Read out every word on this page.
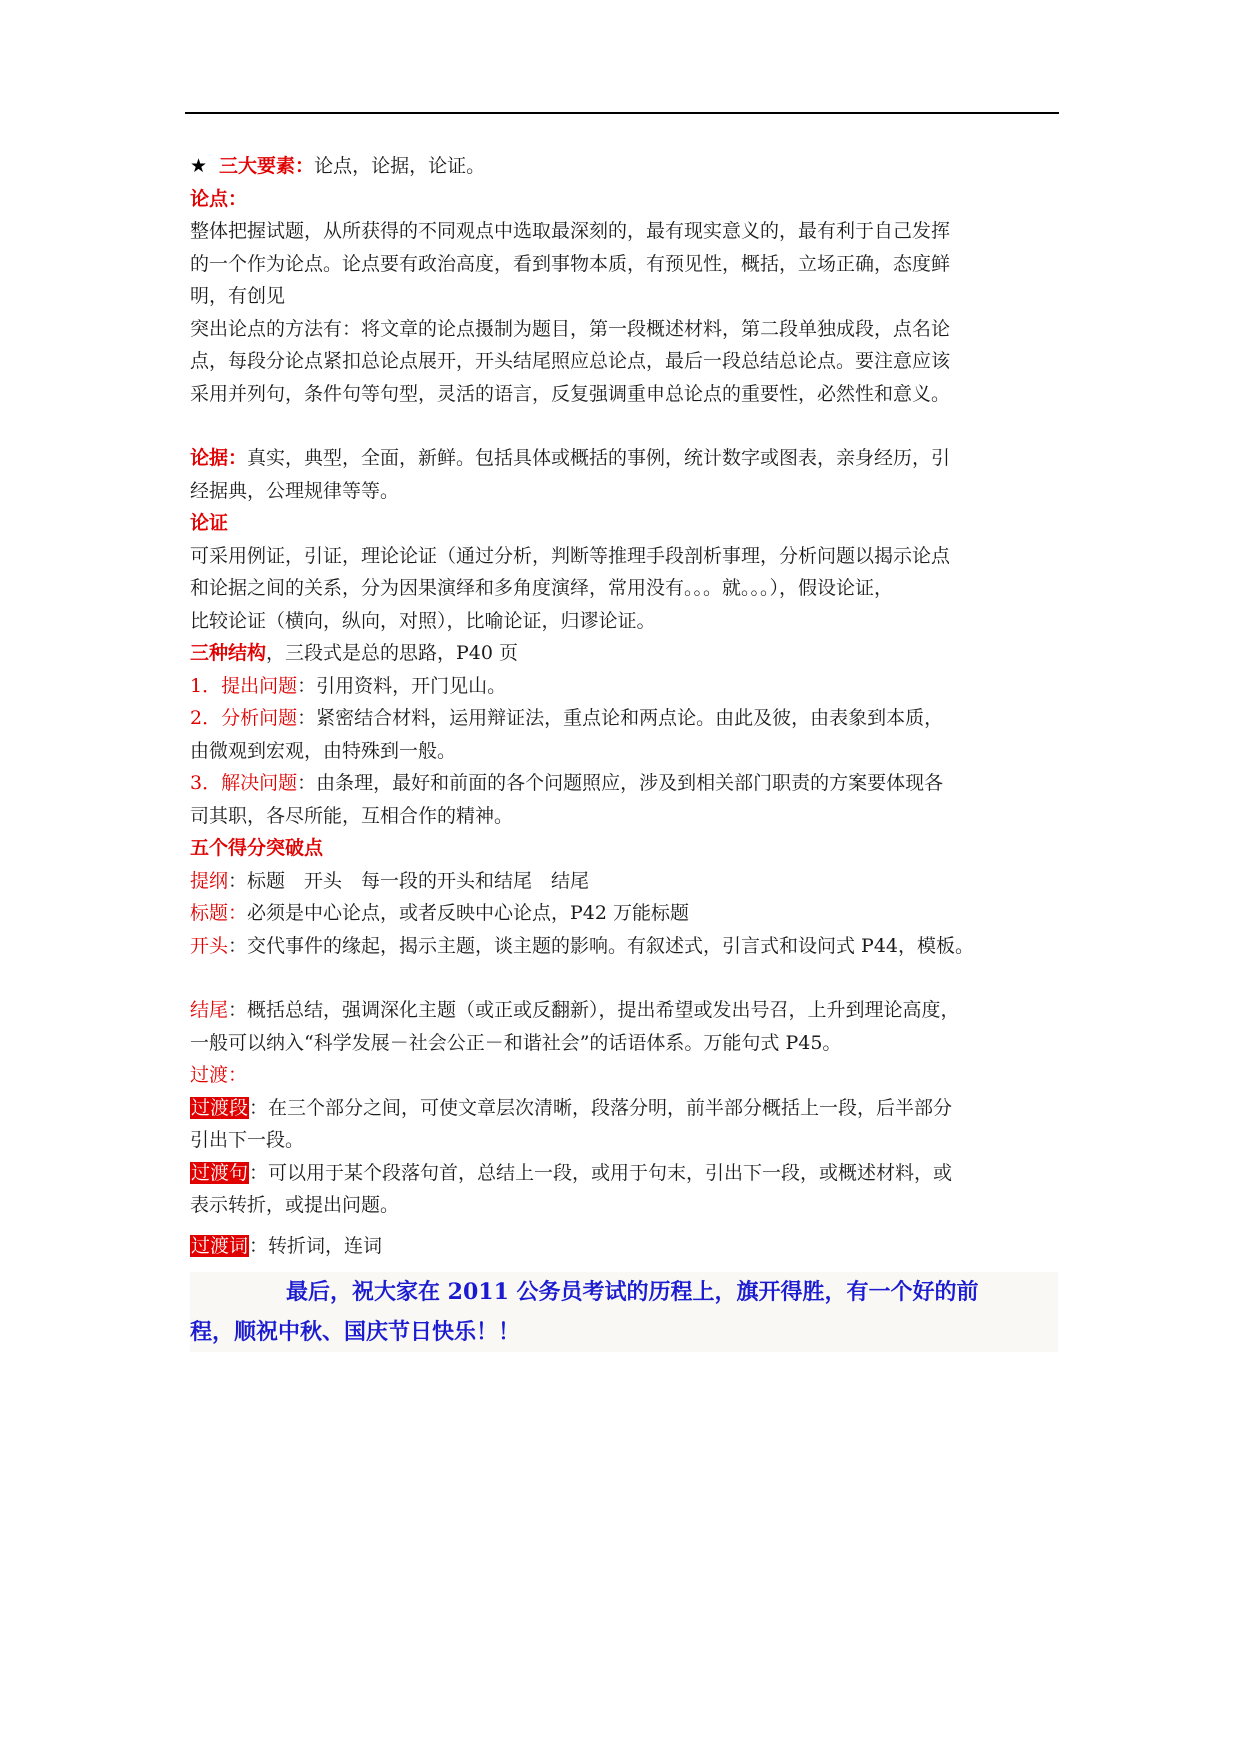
★ 三大要素：论点，论据，论证。
论点：
整体把握试题，从所获得的不同观点中选取最深刻的，最有现实意义的，最有利于自己发挥
的一个作为论点。论点要有政治高度，看到事物本质，有预见性，概括，立场正确，态度鲜
明，有创见
突出论点的方法有：将文章的论点摄制为题目，第一段概述材料，第二段单独成段，点名论
点，每段分论点紧扣总论点展开，开头结尾照应总论点，最后一段总结总论点。要注意应该
采用并列句，条件句等句型，灵活的语言，反复强调重申总论点的重要性，必然性和意义。
论据：真实，典型，全面，新鲜。包括具体或概括的事例，统计数字或图表，亲身经历，引
经据典，公理规律等等。
论证
可采用例证，引证，理论论证（通过分析，判断等推理手段剖析事理，分析问题以揭示论点
和论据之间的关系，分为因果演绎和多角度演绎，常用没有。。。就。。。），假设论证，
比较论证（横向，纵向，对照），比喻论证，归谬论证。
三种结构，三段式是总的思路，P40 页
1．提出问题：引用资料，开门见山。
2．分析问题：紧密结合材料，运用辩证法，重点论和两点论。由此及彼，由表象到本质，
由微观到宏观，由特殊到一般。
3．解决问题：由条理，最好和前面的各个问题照应，涉及到相关部门职责的方案要体现各
司其职，各尽所能，互相合作的精神。
五个得分突破点
提纲：标题　开头　每一段的开头和结尾　结尾
标题：必须是中心论点，或者反映中心论点，P42 万能标题
开头：交代事件的缘起，揭示主题，谈主题的影响。有叙述式，引言式和设问式 P44，模板。
结尾：概括总结，强调深化主题（或正或反翻新），提出希望或发出号召，上升到理论高度，
一般可以纳入“科学发展－社会公正－和谐社会”的话语体系。万能句式 P45。
过渡：
过渡段：在三个部分之间，可使文章层次清晰，段落分明，前半部分概括上一段，后半部分
引出下一段。
过渡句：可以用于某个段落句首，总结上一段，或用于句末，引出下一段，或概述材料，或
表示转折，或提出问题。
过渡词：转折词，连词
最后，祝大家在 2011 公务员考试的历程上，旗开得胜，有一个好的前
程，顺祝中秋、国庆节日快乐！！
